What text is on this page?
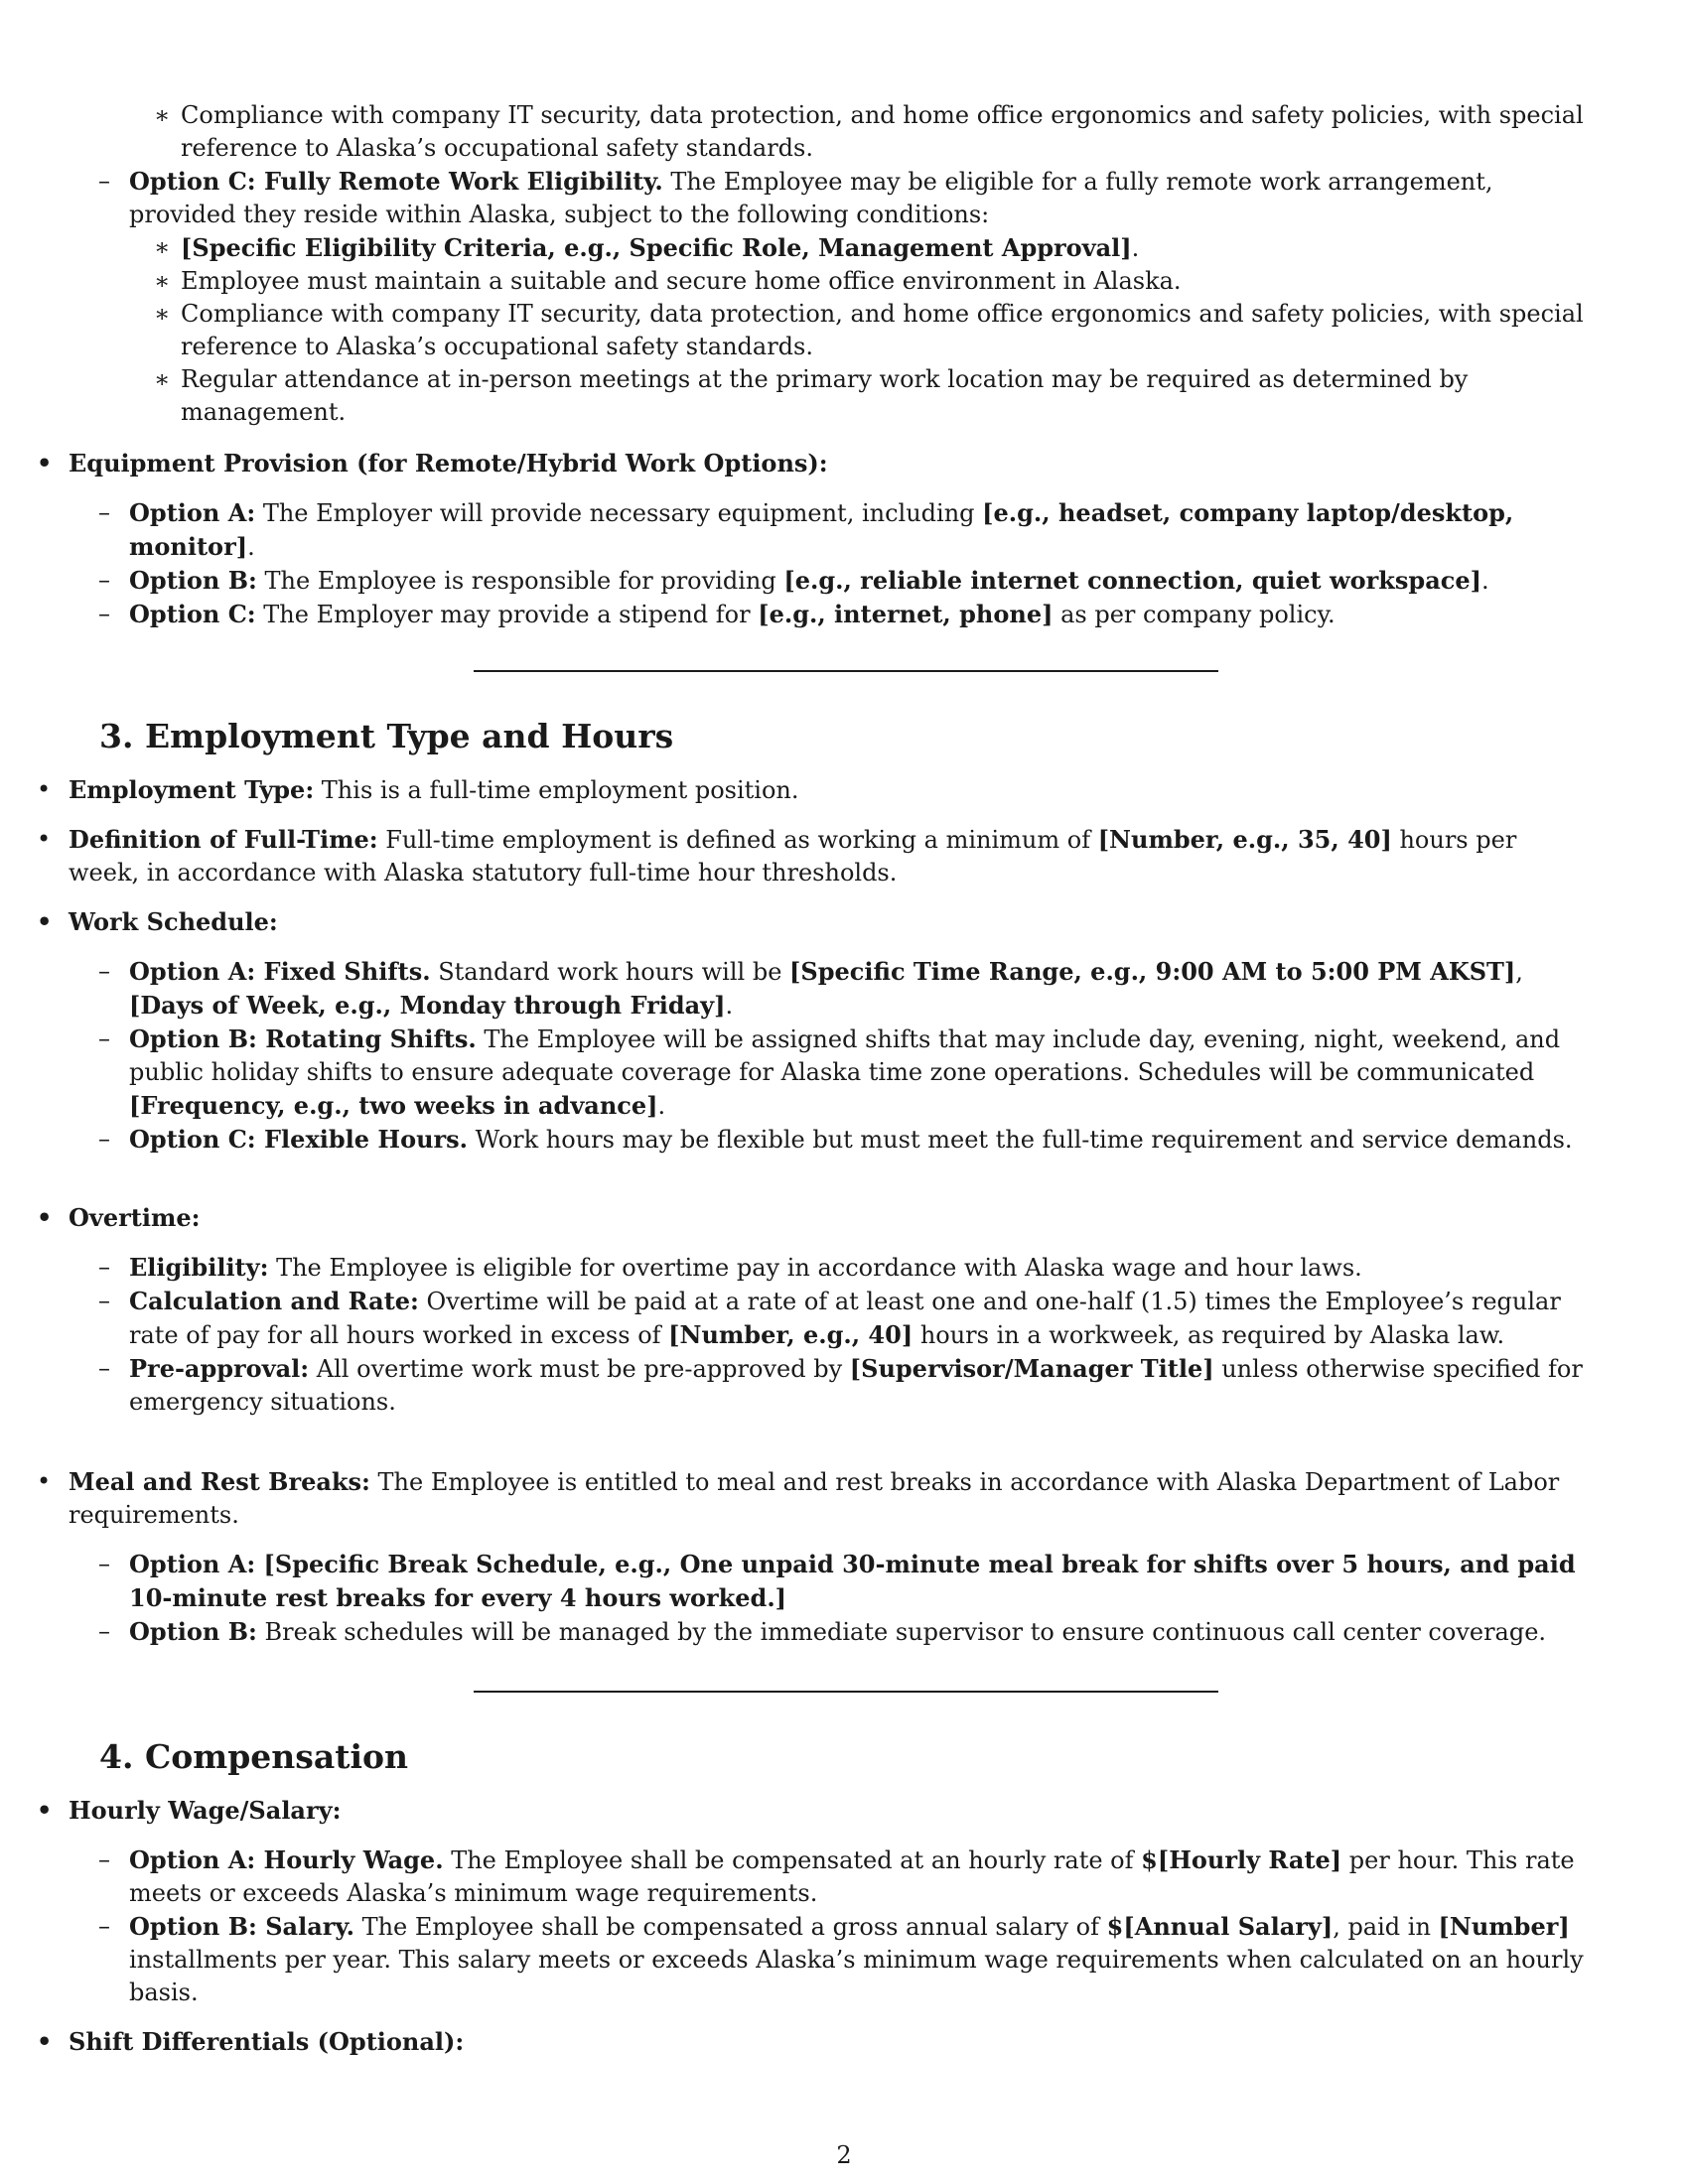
∗ Compliance with company IT security, data protection, and home office ergonomics and safety policies, with special reference to Alaska’s occupational safety standards.
– Option C: Fully Remote Work Eligibility. The Employee may be eligible for a fully remote work arrangement, provided they reside within Alaska, subject to the following conditions:
∗ [Specific Eligibility Criteria, e.g., Specific Role, Management Approval].
∗ Employee must maintain a suitable and secure home office environment in Alaska.
∗ Compliance with company IT security, data protection, and home office ergonomics and safety policies, with special reference to Alaska’s occupational safety standards.
∗ Regular attendance at in-person meetings at the primary work location may be required as determined by management.
• Equipment Provision (for Remote/Hybrid Work Options):
– Option A: The Employer will provide necessary equipment, including [e.g., headset, company laptop/desktop, monitor].
– Option B: The Employee is responsible for providing [e.g., reliable internet connection, quiet workspace].
– Option C: The Employer may provide a stipend for [e.g., internet, phone] as per company policy.
3. Employment Type and Hours
• Employment Type: This is a full-time employment position.
• Definition of Full-Time: Full-time employment is defined as working a minimum of [Number, e.g., 35, 40] hours per week, in accordance with Alaska statutory full-time hour thresholds.
• Work Schedule:
– Option A: Fixed Shifts. Standard work hours will be [Specific Time Range, e.g., 9:00 AM to 5:00 PM AKST], [Days of Week, e.g., Monday through Friday].
– Option B: Rotating Shifts. The Employee will be assigned shifts that may include day, evening, night, weekend, and public holiday shifts to ensure adequate coverage for Alaska time zone operations. Schedules will be communicated [Frequency, e.g., two weeks in advance].
– Option C: Flexible Hours. Work hours may be flexible but must meet the full-time requirement and service demands.
• Overtime:
– Eligibility: The Employee is eligible for overtime pay in accordance with Alaska wage and hour laws.
– Calculation and Rate: Overtime will be paid at a rate of at least one and one-half (1.5) times the Employee’s regular rate of pay for all hours worked in excess of [Number, e.g., 40] hours in a workweek, as required by Alaska law.
– Pre-approval: All overtime work must be pre-approved by [Supervisor/Manager Title] unless otherwise specified for emergency situations.
• Meal and Rest Breaks: The Employee is entitled to meal and rest breaks in accordance with Alaska Department of Labor requirements.
– Option A: [Specific Break Schedule, e.g., One unpaid 30-minute meal break for shifts over 5 hours, and paid 10-minute rest breaks for every 4 hours worked.]
– Option B: Break schedules will be managed by the immediate supervisor to ensure continuous call center coverage.
4. Compensation
• Hourly Wage/Salary:
– Option A: Hourly Wage. The Employee shall be compensated at an hourly rate of $[Hourly Rate] per hour. This rate meets or exceeds Alaska’s minimum wage requirements.
– Option B: Salary. The Employee shall be compensated a gross annual salary of $[Annual Salary], paid in [Number] installments per year. This salary meets or exceeds Alaska’s minimum wage requirements when calculated on an hourly basis.
• Shift Differentials (Optional):
2
